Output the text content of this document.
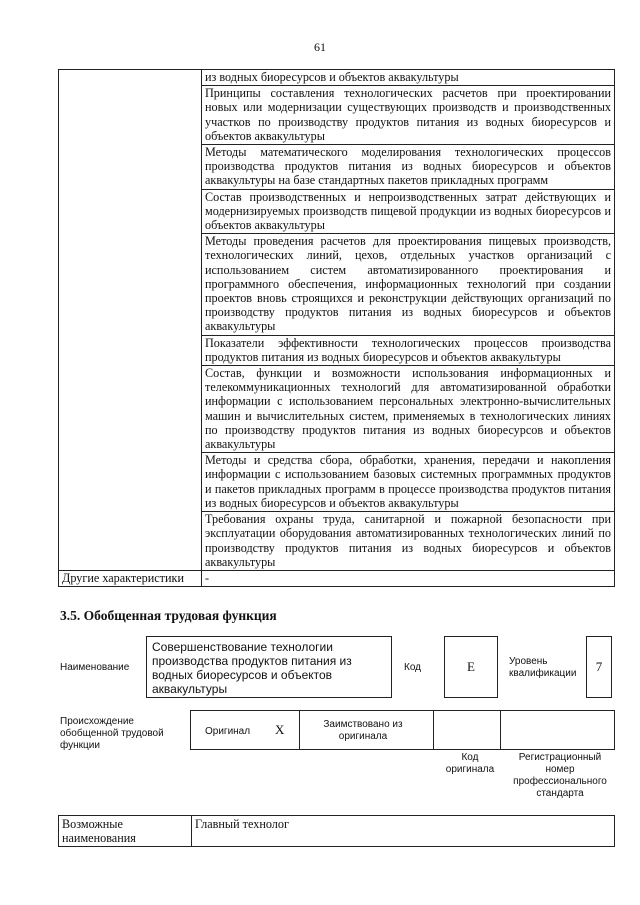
61
	из водных биоресурсов и объектов аквакультуры
	Принципы составления технологических расчетов при проектировании новых или модернизации существующих производств и производственных участков по производству продуктов питания из водных биоресурсов и объектов аквакультуры
	Методы математического моделирования технологических процессов производства продуктов питания из водных биоресурсов и объектов аквакультуры на базе стандартных пакетов прикладных программ
	Состав производственных и непроизводственных затрат действующих и модернизируемых производств пищевой продукции из водных биоресурсов и объектов аквакультуры
	Методы проведения расчетов для проектирования пищевых производств, технологических линий, цехов, отдельных участков организаций с использованием систем автоматизированного проектирования и программного обеспечения, информационных технологий при создании проектов вновь строящихся и реконструкции действующих организаций по производству продуктов питания из водных биоресурсов и объектов аквакультуры
	Показатели эффективности технологических процессов производства продуктов питания из водных биоресурсов и объектов аквакультуры
	Состав, функции и возможности использования информационных и телекоммуникационных технологий для автоматизированной обработки информации с использованием персональных электронно-вычислительных машин и вычислительных систем, применяемых в технологических линиях по производству продуктов питания из водных биоресурсов и объектов аквакультуры
	Методы и средства сбора, обработки, хранения, передачи и накопления информации с использованием базовых системных программных продуктов и пакетов прикладных программ в процессе производства продуктов питания из водных биоресурсов и объектов аквакультуры
	Требования охраны труда, санитарной и пожарной безопасности при эксплуатации оборудования автоматизированных технологических линий по производству продуктов питания из водных биоресурсов и объектов аквакультуры
Другие характеристики	-
3.5. Обобщенная трудовая функция
Наименование
Совершенствование технологии производства продуктов питания из водных биоресурсов и объектов аквакультуры
Код	E	Уровень квалификации	7
Происхождение обобщенной трудовой функции
Оригинал X	Заимствовано из оригинала
Код оригинала
Регистрационный номер профессионального стандарта
Возможные наименования	Главный технолог
